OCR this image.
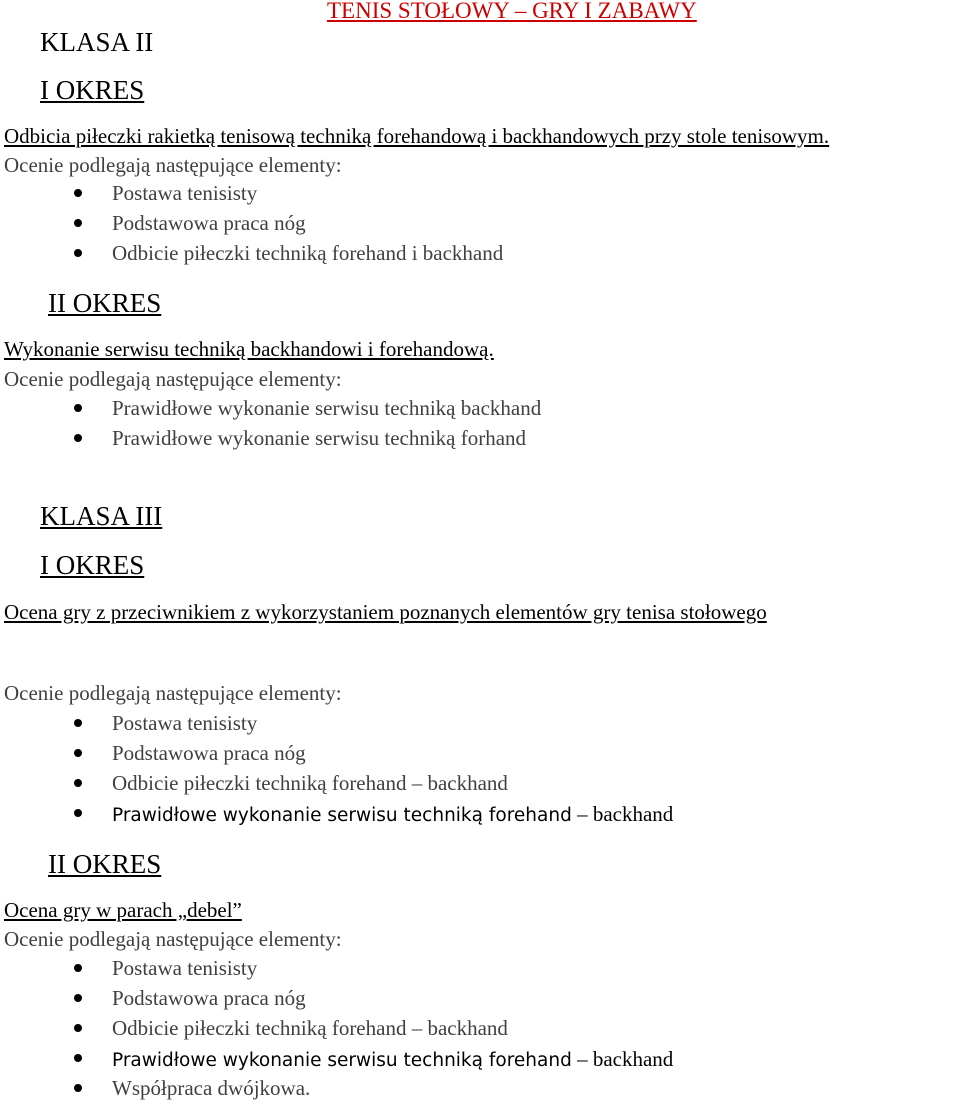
TENIS STOŁOWY – GRY I ZABAWY
KLASA II
I OKRES
Odbicia piłeczki rakietką tenisową techniką forehandową i backhandowych przy stole tenisowym.
Ocenie podlegają następujące elementy:
Postawa tenisisty
Podstawowa praca nóg
Odbicie piłeczki techniką forehand i backhand
II OKRES
Wykonanie serwisu techniką backhandowi i forehandową.
Ocenie podlegają następujące elementy:
Prawidłowe wykonanie serwisu techniką backhand
Prawidłowe wykonanie serwisu techniką forhand
KLASA III
I OKRES
Ocena gry z przeciwnikiem z wykorzystaniem poznanych elementów gry tenisa stołowego
Ocenie podlegają następujące elementy:
Postawa tenisisty
Podstawowa praca nóg
Odbicie piłeczki techniką forehand – backhand
Prawidłowe wykonanie serwisu techniką forehand – backhand
II OKRES
Ocena gry w parach „debel”
Ocenie podlegają następujące elementy:
Postawa tenisisty
Podstawowa praca nóg
Odbicie piłeczki techniką forehand – backhand
Prawidłowe wykonanie serwisu techniką forehand – backhand
Współpraca dwójkowa.
